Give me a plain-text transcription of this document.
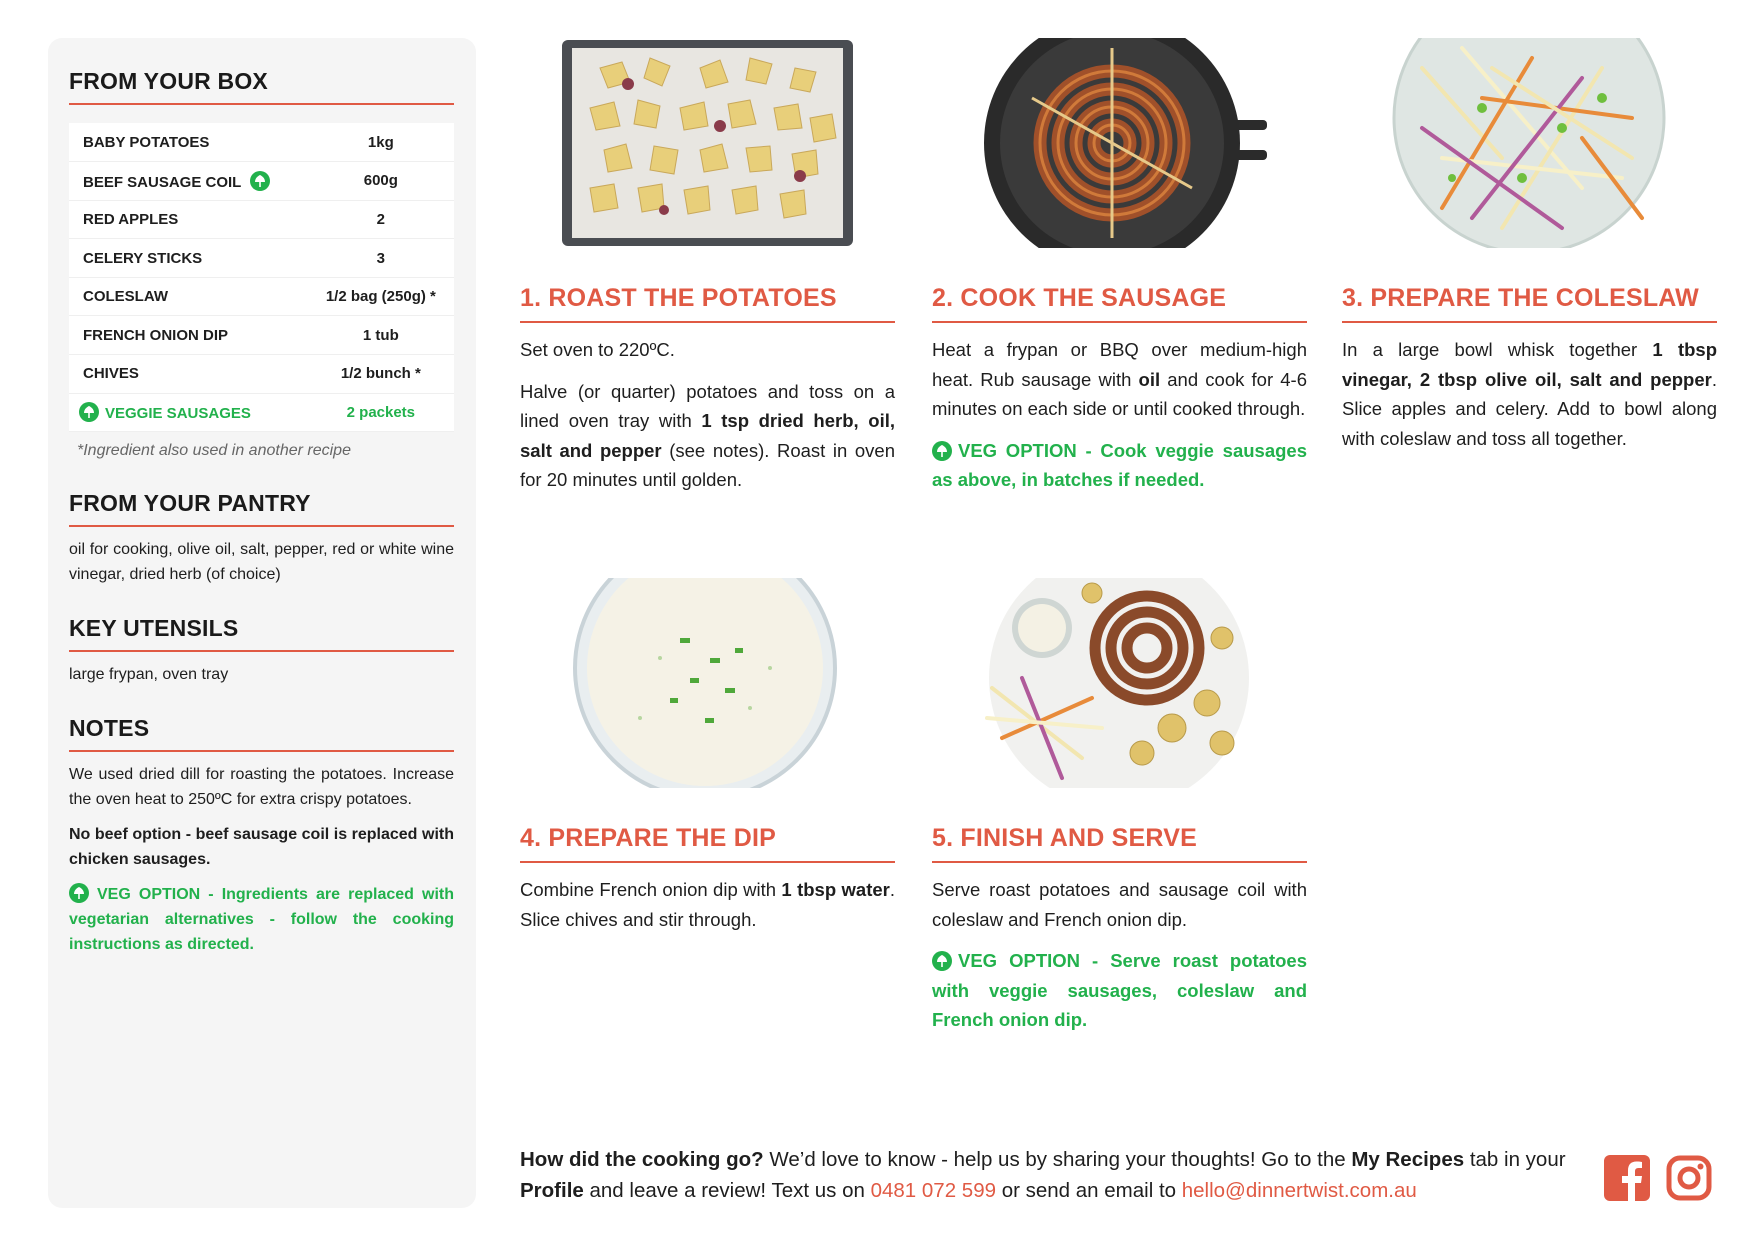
FROM YOUR BOX
BABY POTATOES	1kg
BEEF SAUSAGE COIL	600g
RED APPLES	2
CELERY STICKS	3
COLESLAW	1/2 bag (250g) *
FRENCH ONION DIP	1 tub
CHIVES	1/2 bunch *
VEGGIE SAUSAGES	2 packets
*Ingredient also used in another recipe
FROM YOUR PANTRY
oil for cooking, olive oil, salt, pepper, red or white wine vinegar, dried herb (of choice)
KEY UTENSILS
large frypan, oven tray
NOTES
We used dried dill for roasting the potatoes. Increase the oven heat to 250ºC for extra crispy potatoes.
No beef option - beef sausage coil is replaced with chicken sausages.
VEG OPTION - Ingredients are replaced with vegetarian alternatives - follow the cooking instructions as directed.
1. ROAST THE POTATOES

Set oven to 220ºC.

Halve (or quarter) potatoes and toss on a lined oven tray with 1 tsp dried herb, oil, salt and pepper (see notes). Roast in oven for 20 minutes until golden.

2. COOK THE SAUSAGE

Heat a frypan or BBQ over medium-high heat. Rub sausage with oil and cook for 4-6 minutes on each side or until cooked through.

VEG OPTION - Cook veggie sausages as above, in batches if needed.

3. PREPARE THE COLESLAW

In a large bowl whisk together 1 tbsp vinegar, 2 tbsp olive oil, salt and pepper. Slice apples and celery. Add to bowl along with coleslaw and toss all together.

4. PREPARE THE DIP

Combine French onion dip with 1 tbsp water. Slice chives and stir through.

5. FINISH AND SERVE

Serve roast potatoes and sausage coil with coleslaw and French onion dip.

VEG OPTION - Serve roast potatoes with veggie sausages, coleslaw and French onion dip.

How did the cooking go? We’d love to know - help us by sharing your thoughts! Go to the My Recipes tab in your Profile and leave a review! Text us on 0481 072 599 or send an email to hello@dinnertwist.com.au
